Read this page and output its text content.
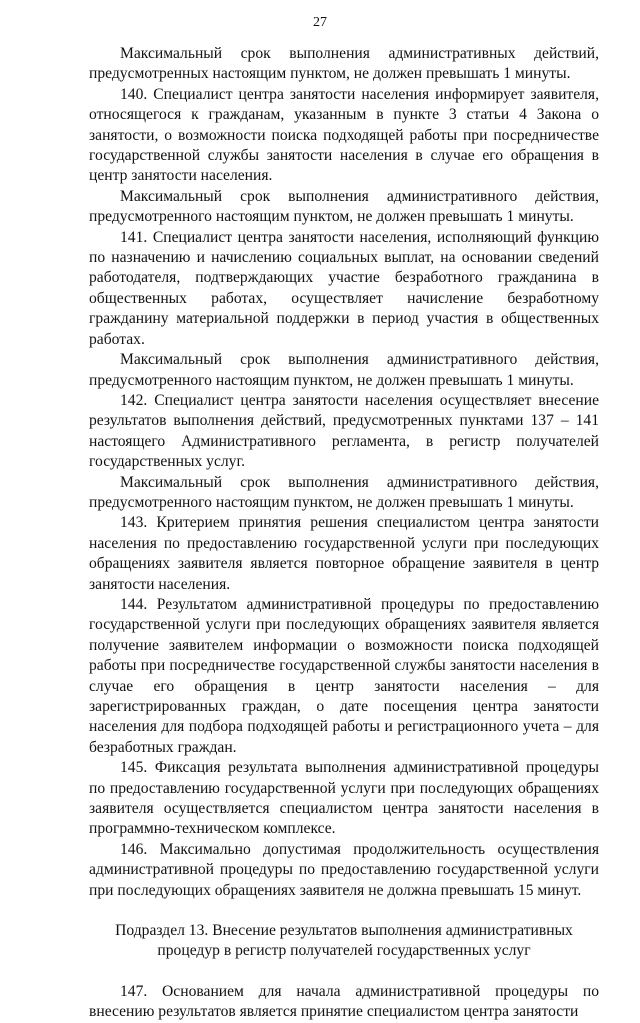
27

Максимальный срок выполнения административных действий, предусмотренных настоящим пунктом, не должен превышать 1 минуты.

140. Специалист центра занятости населения информирует заявителя, относящегося к гражданам, указанным в пункте 3 статьи 4 Закона о занятости, о возможности поиска подходящей работы при посредничестве государственной службы занятости населения в случае его обращения в центр занятости населения.

Максимальный срок выполнения административного действия, предусмотренного настоящим пунктом, не должен превышать 1 минуты.

141. Специалист центра занятости населения, исполняющий функцию по назначению и начислению социальных выплат, на основании сведений работодателя, подтверждающих участие безработного гражданина в общественных работах, осуществляет начисление безработному гражданину материальной поддержки в период участия в общественных работах.

Максимальный срок выполнения административного действия, предусмотренного настоящим пунктом, не должен превышать 1 минуты.

142. Специалист центра занятости населения осуществляет внесение результатов выполнения действий, предусмотренных пунктами 137 – 141 настоящего Административного регламента, в регистр получателей государственных услуг.

Максимальный срок выполнения административного действия, предусмотренного настоящим пунктом, не должен превышать 1 минуты.

143. Критерием принятия решения специалистом центра занятости населения по предоставлению государственной услуги при последующих обращениях заявителя является повторное обращение заявителя в центр занятости населения.

144. Результатом административной процедуры по предоставлению государственной услуги при последующих обращениях заявителя является получение заявителем информации о возможности поиска подходящей работы при посредничестве государственной службы занятости населения в случае его обращения в центр занятости населения – для зарегистрированных граждан, о дате посещения центра занятости населения для подбора подходящей работы и регистрационного учета – для безработных граждан.

145. Фиксация результата выполнения административной процедуры по предоставлению государственной услуги при последующих обращениях заявителя осуществляется специалистом центра занятости населения в программно-техническом комплексе.

146. Максимально допустимая продолжительность осуществления административной процедуры по предоставлению государственной услуги при последующих обращениях заявителя не должна превышать 15 минут.

Подраздел 13. Внесение результатов выполнения административных
процедур в регистр получателей государственных услуг

147. Основанием для начала административной процедуры по внесению результатов является принятие специалистом центра занятости
